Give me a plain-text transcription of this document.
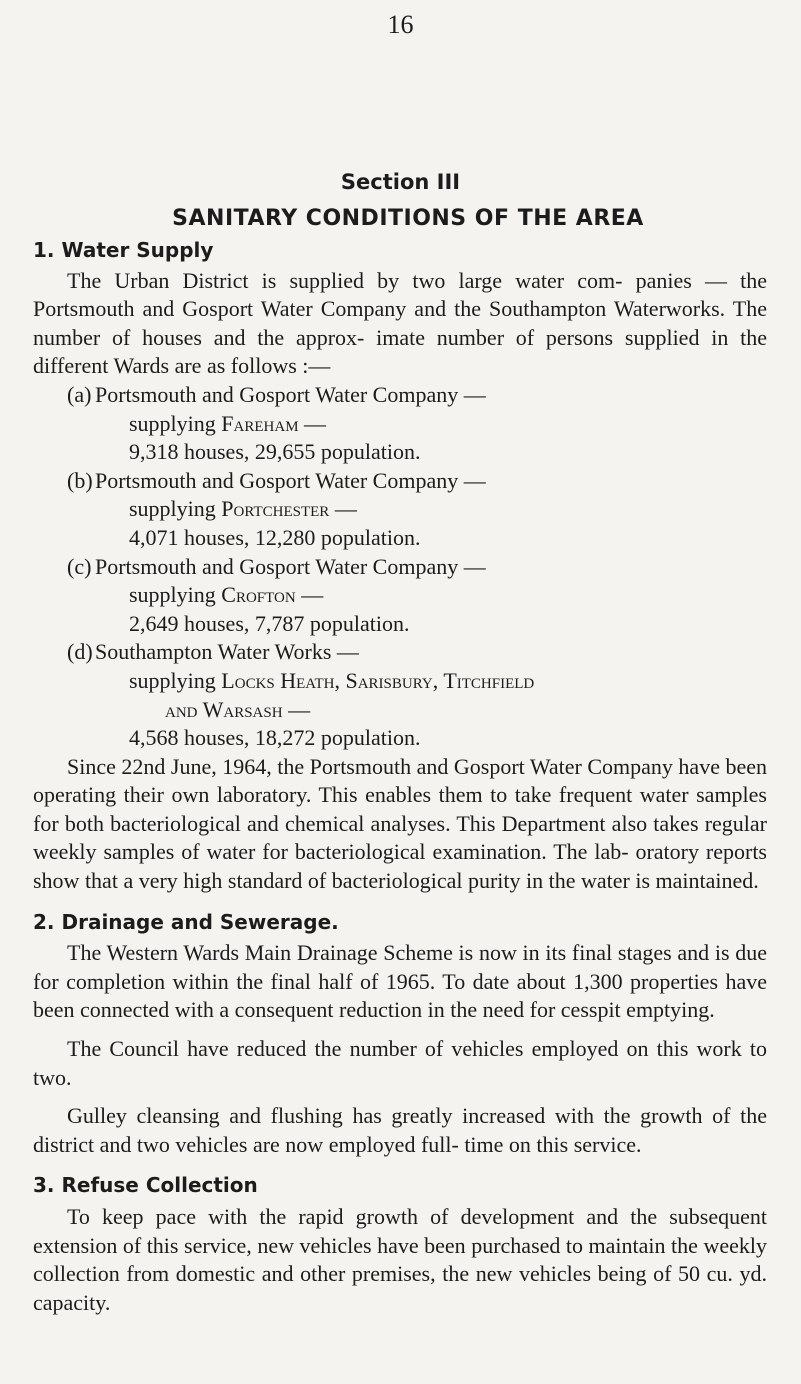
16
Section III
SANITARY CONDITIONS OF THE AREA
1. Water Supply

The Urban District is supplied by two large water com- panies — the Portsmouth and Gosport Water Company and the Southampton Waterworks. The number of houses and the approx- imate number of persons supplied in the different Wards are as follows :—

(a) Portsmouth and Gosport Water Company —
supplying Fareham —
9,318 houses, 29,655 population.
(b) Portsmouth and Gosport Water Company —
supplying Portchester —
4,071 houses, 12,280 population.
(c) Portsmouth and Gosport Water Company —
supplying Crofton —
2,649 houses, 7,787 population.
(d) Southampton Water Works —
supplying Locks Heath, Sarisbury, Titchfield
and Warsash —
4,568 houses, 18,272 population.

Since 22nd June, 1964, the Portsmouth and Gosport Water Company have been operating their own laboratory. This enables them to take frequent water samples for both bacteriological and chemical analyses. This Department also takes regular weekly samples of water for bacteriological examination. The lab- oratory reports show that a very high standard of bacteriological purity in the water is maintained.

2. Drainage and Sewerage.

The Western Wards Main Drainage Scheme is now in its final stages and is due for completion within the final half of 1965. To date about 1,300 properties have been connected with a consequent reduction in the need for cesspit emptying.

The Council have reduced the number of vehicles employed on this work to two.

Gulley cleansing and flushing has greatly increased with the growth of the district and two vehicles are now employed full- time on this service.

3. Refuse Collection

To keep pace with the rapid growth of development and the subsequent extension of this service, new vehicles have been purchased to maintain the weekly collection from domestic and other premises, the new vehicles being of 50 cu. yd. capacity.
